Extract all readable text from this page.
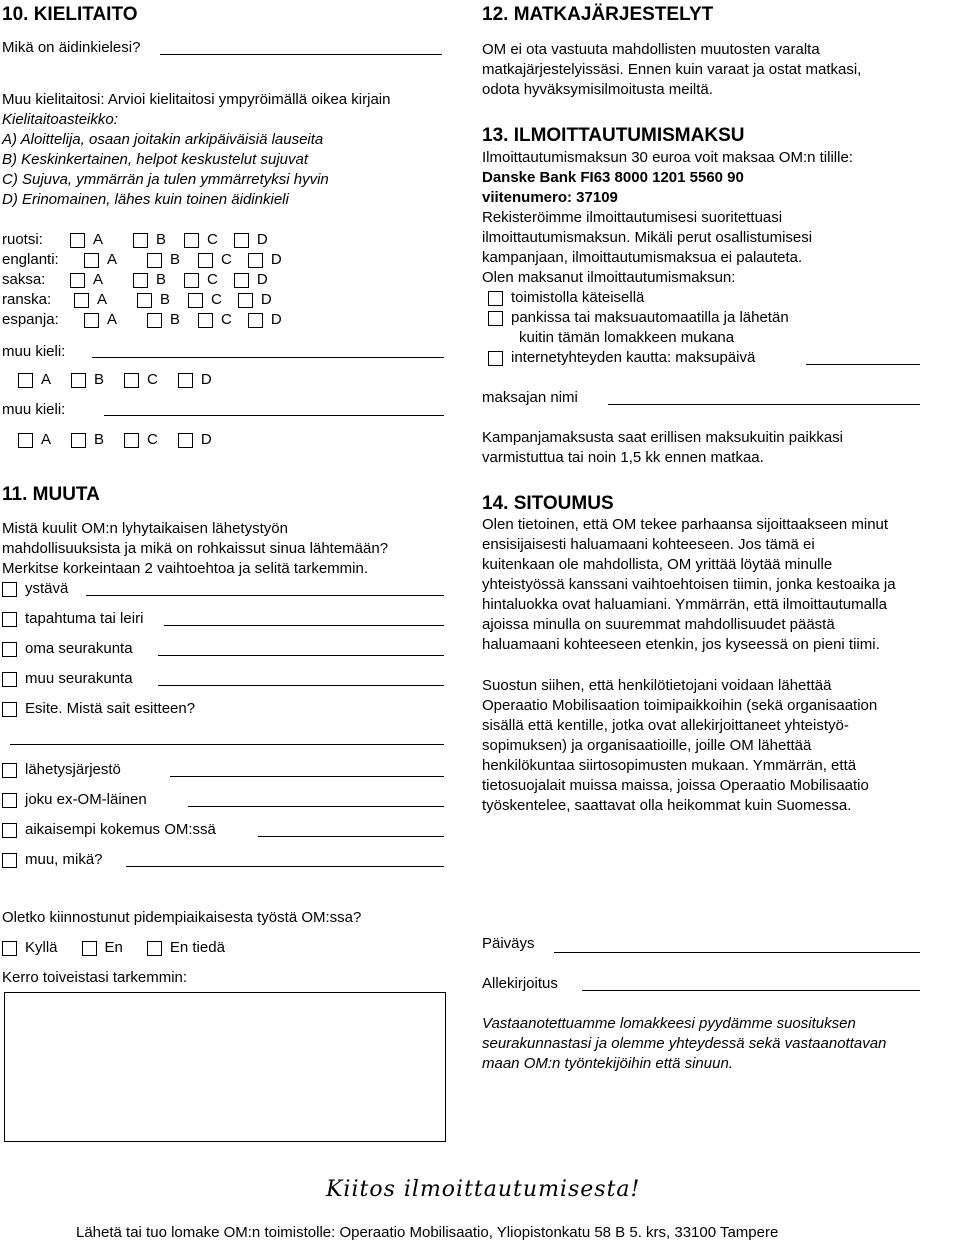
10. KIELITAITO
Mikä on äidinkielesi?
Muu kielitaitosi: Arvioi kielitaitosi ympyröimällä oikea kirjain
Kielitaitoasteikko:
A) Aloittelija, osaan joitakin arkipäiväisiä lauseita
B) Keskinkertainen, helpot keskustelut sujuvat
C) Sujuva, ymmärrän ja tulen ymmärretyksi hyvin
D) Erinomainen, lähes kuin toinen äidinkieli
ruotsi:	A	B	C	D
englanti:	A	B	C	D
saksa:	A	B	C	D
ranska:	A	B	C	D
espanja:	A	B	C	D
muu kieli:
A	B	C	D
muu kieli:
A	B	C	D
11. MUUTA
Mistä kuulit OM:n lyhytaikaisen lähetystyön
mahdollisuuksista ja mikä on rohkaissut sinua lähtemään?
Merkitse korkeintaan 2 vaihtoehtoa ja selitä tarkemmin.
ystävä
tapahtuma tai leiri
oma seurakunta
muu seurakunta
Esite. Mistä sait esitteen?
lähetysjärjestö
joku ex-OM-läinen
aikaisempi kokemus OM:ssä
muu, mikä?
12. MATKAJÄRJESTELYT
OM ei ota vastuuta mahdollisten muutosten varalta
matkajärjestelyissäsi. Ennen kuin varaat ja ostat matkasi,
odota hyväksymisilmoitusta meiltä.
13. ILMOITTAUTUMISMAKSU
Ilmoittautumismaksun 30 euroa voit maksaa OM:n tilille:
Danske Bank FI63 8000 1201 5560 90
viitenumero: 37109
Rekisteröimme ilmoittautumisesi suoritettuasi
ilmoittautumismaksun. Mikäli perut osallistumisesi
kampanjaan, ilmoittautumismaksua ei palauteta.
Olen maksanut ilmoittautumismaksun:
toimistolla käteisellä
pankissa tai maksuautomaatilla ja lähetän
kuitin tämän lomakkeen mukana
internetyhteyden kautta: maksupäivä
maksajan nimi
Kampanjamaksusta saat erillisen maksukuitin paikkasi
varmistuttua tai noin 1,5 kk ennen matkaa.
14. SITOUMUS
Olen tietoinen, että OM tekee parhaansa sijoittaakseen minut
ensisijaisesti haluamaani kohteeseen. Jos tämä ei
kuitenkaan ole mahdollista, OM yrittää löytää minulle
yhteistyössä kanssani vaihtoehtoisen tiimin, jonka kestoaika ja
hintaluokka ovat haluamiani. Ymmärrän, että ilmoittautumalla
ajoissa minulla on suuremmat mahdollisuudet päästä
haluamaani kohteeseen etenkin, jos kyseessä on pieni tiimi.
Suostun siihen, että henkilötietojani voidaan lähettää
Operaatio Mobilisaation toimipaikkoihin (sekä organisaation
sisällä että kentille, jotka ovat allekirjoittaneet yhteistyö-
sopimuksen) ja organisaatioille, joille OM lähettää
henkilökuntaa siirtosopimusten mukaan. Ymmärrän, että
tietosuojalait muissa maissa, joissa Operaatio Mobilisaatio
työskentelee, saattavat olla heikommat kuin Suomessa.
Oletko kiinnostunut pidempiaikaisesta työstä OM:ssa?
Kyllä	En	En tiedä
Kerro toiveistasi tarkemmin:
Päiväys
Allekirjoitus
Vastaanotettuamme lomakkeesi pyydämme suosituksen
seurakunnastasi ja olemme yhteydessä sekä vastaanottavan
maan OM:n työntekijöihin että sinuun.
Kiitos ilmoittautumisesta!
Lähetä tai tuo lomake OM:n toimistolle: Operaatio Mobilisaatio, Yliopistonkatu 58 B 5. krs, 33100 Tampere
